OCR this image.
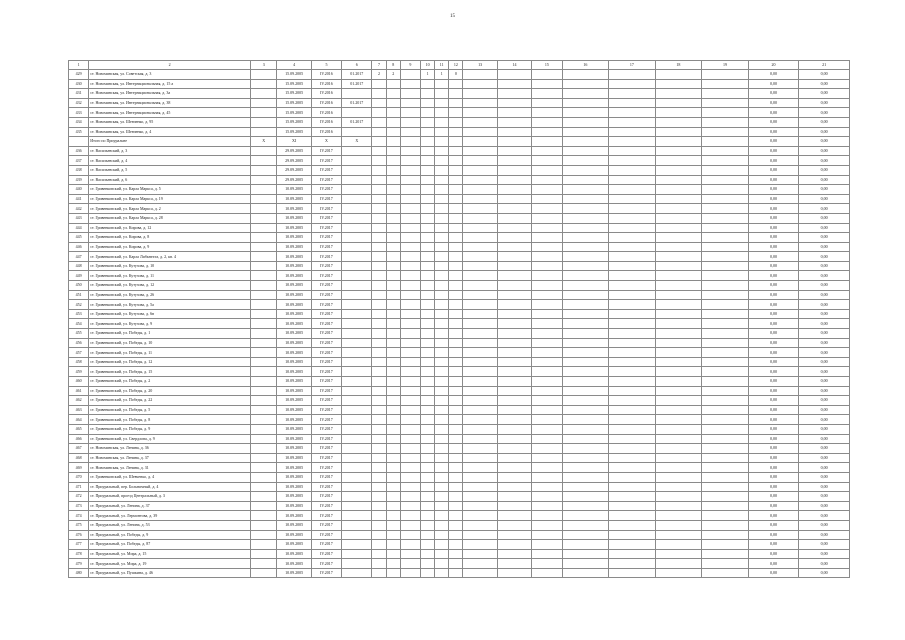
15
1	2	3	4	5	6	7	8	9	10	11	12	13	14	15	16	17	18	19	20	21
429	ст. Новоминская, ул. Советская, д. 3		15.09.2005	IV.2016	01.2017	2	2		1	1	0								0,00	0,00
430	ст. Новоминская, ул. Интернациональная, д. 15 а		15.09.2005	IV.2016	01.2017														0,00	0,00
431	ст. Новоминская, ул. Интернациональная, д. 3а		15.09.2005	IV.2016															0,00	0,00
432	ст. Новоминская, ул. Интернациональная, д. 38		15.09.2005	IV.2016	01.2017														0,00	0,00
433	ст. Новоминская, ул. Интернациональная, д. 45		15.09.2005	IV.2016															0,00	0,00
434	ст. Новоминская, ул. Шевченко, д. 95		15.09.2005	IV.2016	01.2017														0,00	0,00
435	ст. Новоминская, ул. Шевченко, д. 4		15.09.2005	IV.2016															0,00	0,00
	Итого по Приуральне	X	XI	X	X														0,00	0,00
436	ст. Васильевский, д. 3		29.09.2005	IV.2017															0,00	0,00
437	ст. Васильевский, д. 4		29.09.2005	IV.2017															0,00	0,00
438	ст. Васильевский, д. 5		29.09.2005	IV.2017															0,00	0,00
439	ст. Васильевский, д. 6		29.09.2005	IV.2017															0,00	0,00
440	ст. Гривенковский, ул. Карла Маркса, д. 5		10.09.2005	IV.2017															0,00	0,00
441	ст. Гривенковский, ул. Карла Маркса, д. 19		10.09.2005	IV.2017															0,00	0,00
442	ст. Гривенковский, ул. Карла Маркса, д. 2		10.09.2005	IV.2017															0,00	0,00
443	ст. Гривенковский, ул. Карла Маркса, д. 28		10.09.2005	IV.2017															0,00	0,00
444	ст. Гривенковский, ул. Кирова, д. 12		10.09.2005	IV.2017															0,00	0,00
445	ст. Гривенковский, ул. Кирова, д. 8		10.09.2005	IV.2017															0,00	0,00
446	ст. Гривенковский, ул. Кирова, д. 9		10.09.2005	IV.2017															0,00	0,00
447	ст. Гривенковский, ул. Карла Либкнехта, д. 2, кв. 4		10.09.2005	IV.2017															0,00	0,00
448	ст. Гривенковский, ул. Кутузова, д. 10		10.09.2005	IV.2017															0,00	0,00
449	ст. Гривенковский, ул. Кутузова, д. 11		10.09.2005	IV.2017															0,00	0,00
450	ст. Гривенковский, ул. Кутузова, д. 12		10.09.2005	IV.2017															0,00	0,00
451	ст. Гривенковский, ул. Кутузова, д. 26		10.09.2005	IV.2017															0,00	0,00
452	ст. Гривенковский, ул. Кутузова, д. 5а		10.09.2005	IV.2017															0,00	0,00
453	ст. Гривенковский, ул. Кутузова, д. 6в		10.09.2005	IV.2017															0,00	0,00
454	ст. Гривенковский, ул. Кутузова, д. 9		10.09.2005	IV.2017															0,00	0,00
455	ст. Гривенковский, ул. Победы, д. 1		10.09.2005	IV.2017															0,00	0,00
456	ст. Гривенковский, ул. Победы, д. 10		10.09.2005	IV.2017															0,00	0,00
457	ст. Гривенковский, ул. Победы, д. 11		10.09.2005	IV.2017															0,00	0,00
458	ст. Гривенковский, ул. Победы, д. 12		10.09.2005	IV.2017															0,00	0,00
459	ст. Гривенковский, ул. Победы, д. 15		10.09.2005	IV.2017															0,00	0,00
460	ст. Гривенковский, ул. Победы, д. 2		10.09.2005	IV.2017															0,00	0,00
461	ст. Гривенковский, ул. Победы, д. 20		10.09.2005	IV.2017															0,00	0,00
462	ст. Гривенковский, ул. Победы, д. 22		10.09.2005	IV.2017															0,00	0,00
463	ст. Гривенковский, ул. Победы, д. 5		10.09.2005	IV.2017															0,00	0,00
464	ст. Гривенковский, ул. Победы, д. 8		10.09.2005	IV.2017															0,00	0,00
465	ст. Гривенковский, ул. Победы, д. 9		10.09.2005	IV.2017															0,00	0,00
466	ст. Гривенковский, ул. Свердлова, д. 9		10.09.2005	IV.2017															0,00	0,00
467	ст. Новоминская, ул. Ленина, д. 36		10.09.2005	IV.2017															0,00	0,00
468	ст. Новоминская, ул. Ленина, д. 37		10.09.2005	IV.2017															0,00	0,00
469	ст. Новоминская, ул. Ленина, д. 31		10.09.2005	IV.2017															0,00	0,00
470	ст. Гривенковский, ул. Шевченко, д. 4		10.09.2005	IV.2017															0,00	0,00
471	ст. Приуральный, пер. Больничный, д. 4		10.09.2005	IV.2017															0,00	0,00
472	ст. Приуральный, проезд Центральный, д. 3		10.09.2005	IV.2017															0,00	0,00
473	ст. Приуральный, ул. Ленина, д. 37		10.09.2005	IV.2017															0,00	0,00
474	ст. Приуральный, ул. Лермонтова, д. 39		10.09.2005	IV.2017															0,00	0,00
475	ст. Приуральный, ул. Ленина, д. 53		10.09.2005	IV.2017															0,00	0,00
476	ст. Приуральный, ул. Победы, д. 9		10.09.2005	IV.2017															0,00	0,00
477	ст. Приуральный, ул. Победы, д. 87		10.09.2005	IV.2017															0,00	0,00
478	ст. Приуральный, ул. Мира, д. 15		10.09.2005	IV.2017															0,00	0,00
479	ст. Приуральный, ул. Мира, д. 19		10.09.2005	IV.2017															0,00	0,00
480	ст. Приуральный, ул. Пушкина, д. 46		10.09.2005	IV.2017															0,00	0,00
